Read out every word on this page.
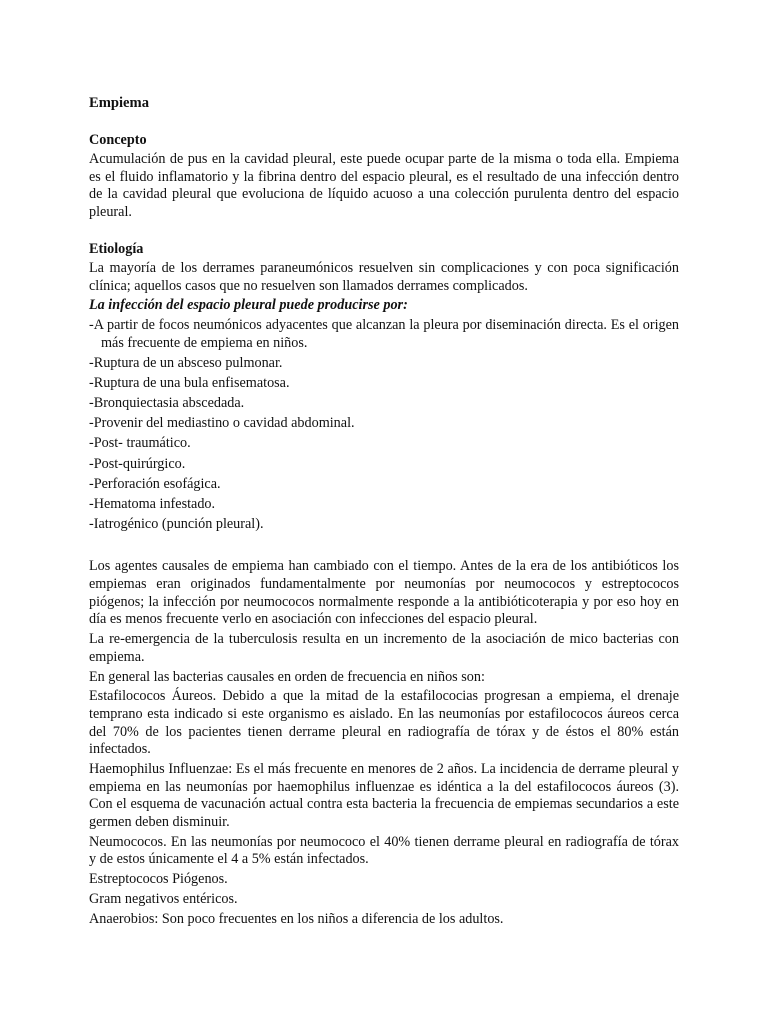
Empiema
Concepto

Acumulación de pus en la cavidad pleural, este puede ocupar parte de la misma o toda ella. Empiema es el fluido inflamatorio y la fibrina dentro del espacio pleural, es el resultado de una infección dentro de la cavidad pleural que evoluciona de líquido acuoso a una colección purulenta dentro del espacio pleural.

Etiología

La mayoría de los derrames paraneumónicos resuelven sin complicaciones y con poca significación clínica; aquellos casos que no resuelven son llamados derrames complicados.

La infección del espacio pleural puede producirse por:
-A partir de focos neumónicos adyacentes que alcanzan la pleura por diseminación directa. Es el origen más frecuente de empiema en niños.
-Ruptura de un absceso pulmonar.
-Ruptura de una bula enfisematosa.
-Bronquiectasia abscedada.
-Provenir del mediastino o cavidad abdominal.
-Post- traumático.
-Post-quirúrgico.
-Perforación esofágica.
-Hematoma infestado.
-Iatrogénico (punción pleural).

Los agentes causales de empiema han cambiado con el tiempo. Antes de la era de los antibióticos los empiemas eran originados fundamentalmente por neumonías por neumococos y estreptococos piógenos; la infección por neumococos normalmente responde a la antibióticoterapia y por eso hoy en día es menos frecuente verlo en asociación con infecciones del espacio pleural.

La re-emergencia de la tuberculosis resulta en un incremento de la asociación de mico bacterias con empiema.

En general las bacterias causales en orden de frecuencia en niños son:

Estafilococos Áureos. Debido a que la mitad de la estafilococias progresan a empiema, el drenaje temprano esta indicado si este organismo es aislado. En las neumonías por estafilococos áureos cerca del 70% de los pacientes tienen derrame pleural en radiografía de tórax y de éstos el 80% están infectados.

Haemophilus Influenzae: Es el más frecuente en menores de 2 años. La incidencia de derrame pleural y empiema en las neumonías por haemophilus influenzae es idéntica a la del estafilococos áureos (3). Con el esquema de vacunación actual contra esta bacteria la frecuencia de empiemas secundarios a este germen deben disminuir.

Neumococos. En las neumonías por neumococo el 40% tienen derrame pleural en radiografía de tórax y de estos únicamente el 4 a 5% están infectados.

Estreptococos Piógenos.

Gram negativos entéricos.

Anaerobios: Son poco frecuentes en los niños a diferencia de los adultos.
